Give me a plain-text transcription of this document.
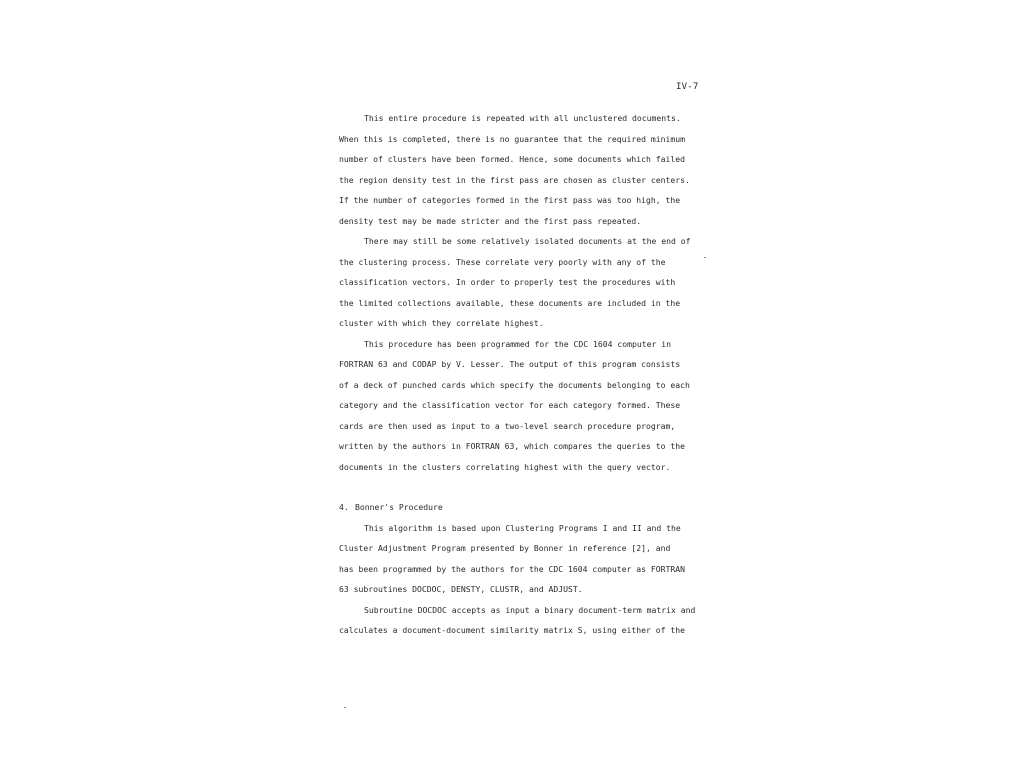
IV-7
This entire procedure is repeated with all unclustered documents.
When this is completed, there is no guarantee that the required minimum
number of clusters have been formed. Hence, some documents which failed
the region density test in the first pass are chosen as cluster centers.
If the number of categories formed in the first pass was too high, the
density test may be made stricter and the first pass repeated.
There may still be some relatively isolated documents at the end of
the clustering process. These correlate very poorly with any of the
classification vectors. In order to properly test the procedures with
the limited collections available, these documents are included in the
cluster with which they correlate highest.
This procedure has been programmed for the CDC 1604 computer in
FORTRAN 63 and CODAP by V. Lesser. The output of this program consists
of a deck of punched cards which specify the documents belonging to each
category and the classification vector for each category formed. These
cards are then used as input to a two-level search procedure program,
written by the authors in FORTRAN 63, which compares the queries to the
documents in the clusters correlating highest with the query vector.
4. Bonner's Procedure
This algorithm is based upon Clustering Programs I and II and the
Cluster Adjustment Program presented by Bonner in reference [2], and
has been programmed by the authors for the CDC 1604 computer as FORTRAN
63 subroutines DOCDOC, DENSTY, CLUSTR, and ADJUST.
Subroutine DOCDOC accepts as input a binary document-term matrix and
calculates a document-document similarity matrix S, using either of the
